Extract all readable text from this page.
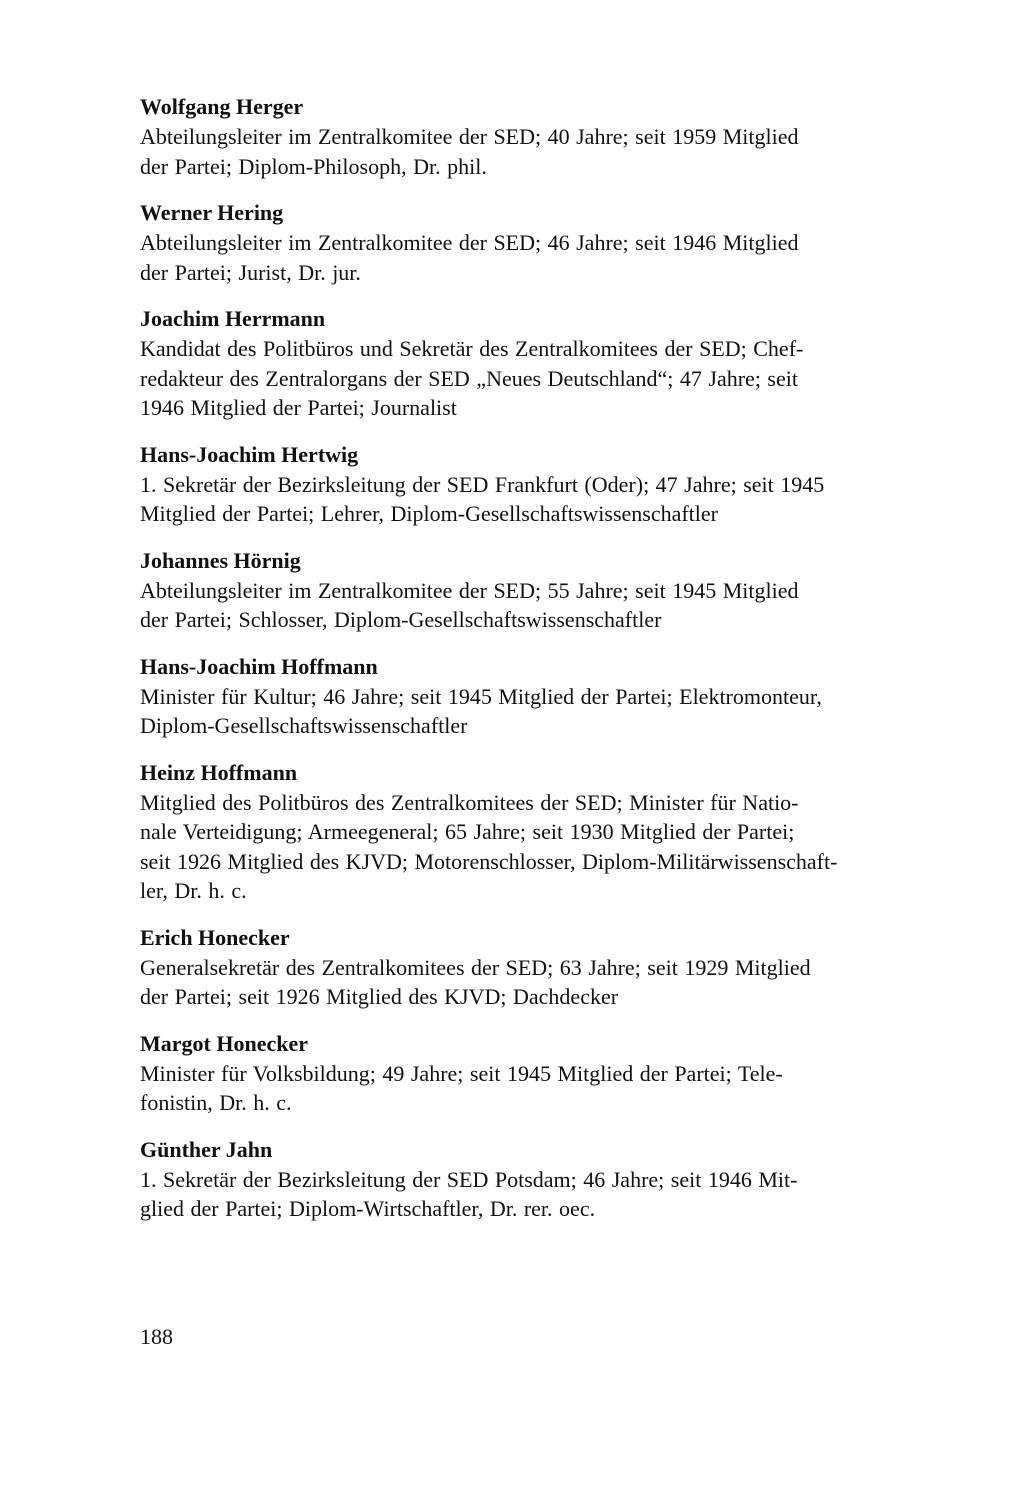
Wolfgang Herger

Abteilungsleiter im Zentralkomitee der SED; 40 Jahre; seit 1959 Mitglied
der Partei; Diplom-Philosoph, Dr. phil.

Werner Hering

Abteilungsleiter im Zentralkomitee der SED; 46 Jahre; seit 1946 Mitglied
der Partei; Jurist, Dr. jur.

Joachim Herrmann

Kandidat des Politbüros und Sekretär des Zentralkomitees der SED; Chef-
redakteur des Zentralorgans der SED „Neues Deutschland“; 47 Jahre; seit
1946 Mitglied der Partei; Journalist

Hans-Joachim Hertwig

1. Sekretär der Bezirksleitung der SED Frankfurt (Oder); 47 Jahre; seit 1945
Mitglied der Partei; Lehrer, Diplom-Gesellschaftswissenschaftler

Johannes Hörnig

Abteilungsleiter im Zentralkomitee der SED; 55 Jahre; seit 1945 Mitglied
der Partei; Schlosser, Diplom-Gesellschaftswissenschaftler

Hans-Joachim Hoffmann

Minister für Kultur; 46 Jahre; seit 1945 Mitglied der Partei; Elektromonteur,
Diplom-Gesellschaftswissenschaftler

Heinz Hoffmann

Mitglied des Politbüros des Zentralkomitees der SED; Minister für Natio-
nale Verteidigung; Armeegeneral; 65 Jahre; seit 1930 Mitglied der Partei;
seit 1926 Mitglied des KJVD; Motorenschlosser, Diplom-Militärwissenschaft-
ler, Dr. h. c.

Erich Honecker

Generalsekretär des Zentralkomitees der SED; 63 Jahre; seit 1929 Mitglied
der Partei; seit 1926 Mitglied des KJVD; Dachdecker

Margot Honecker

Minister für Volksbildung; 49 Jahre; seit 1945 Mitglied der Partei; Tele-
fonistin, Dr. h. c.

Günther Jahn

1. Sekretär der Bezirksleitung der SED Potsdam; 46 Jahre; seit 1946 Mit-
glied der Partei; Diplom-Wirtschaftler, Dr. rer. oec.

188
